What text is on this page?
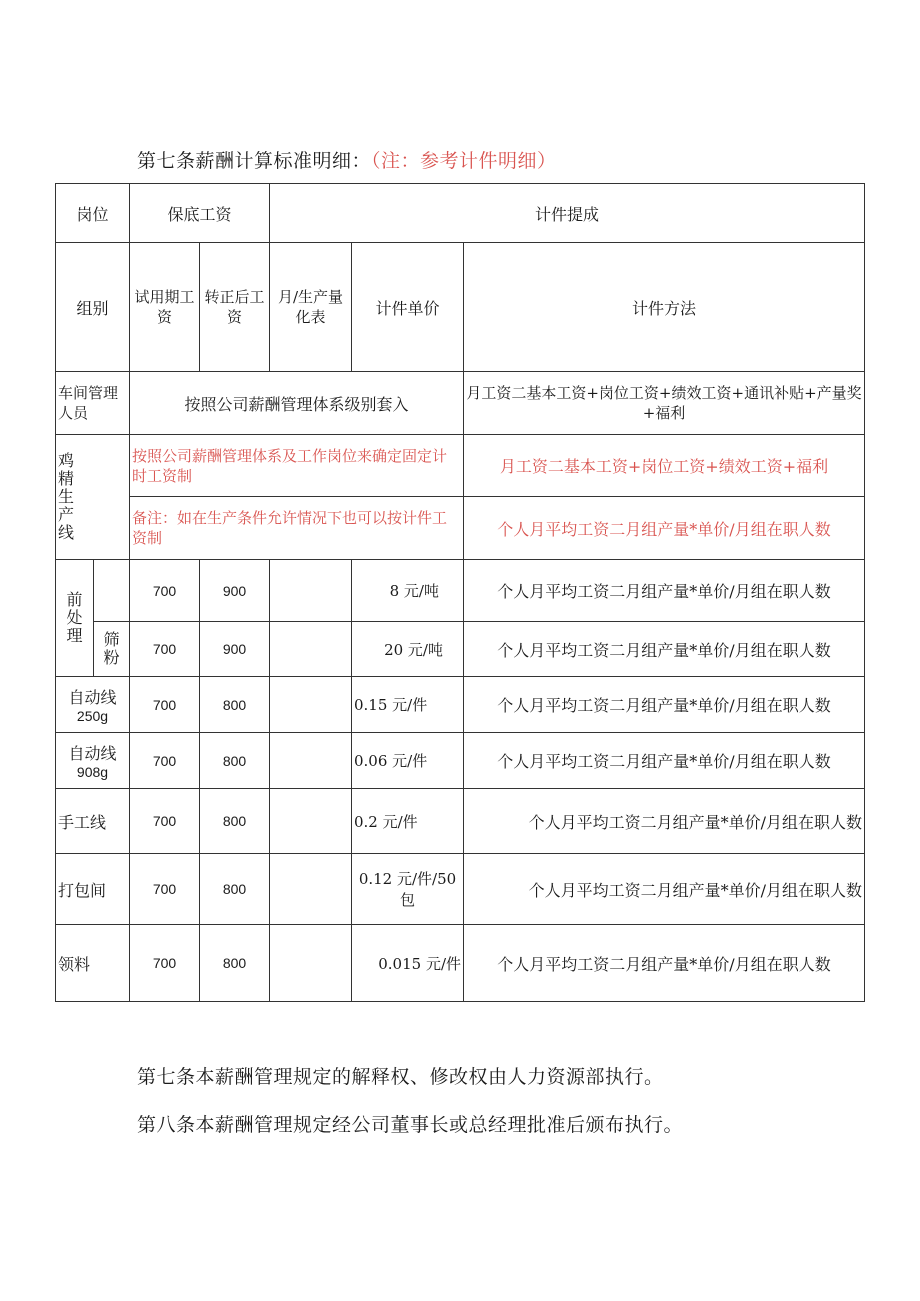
第七条薪酬计算标准明细：（注：参考计件明细）
岗位		保底工资		计件提成		
组别		试用期工资	转正后工资	月/生产量化表	计件单价	计件方法
车间管理人员		按照公司薪酬管理体系级别套入				月工资二基本工资+岗位工资+绩效工资+通讯补贴+产量奖+福利

鸡精生产线		按照公司薪酬管理体系及工作岗位来确定固定计时工资制				月工资二基本工资+岗位工资+绩效工资+福利
		备注：如在生产条件允许情况下也可以按计件工资制				个人月平均工资二月组产量*单价/月组在职人数

前处理		700	900		8 元/吨	个人月平均工资二月组产量*单价/月组在职人数

	筛粉	700	900		20 元/吨	个人月平均工资二月组产量*单价/月组在职人数

自动线
250g		700	800		0.15 元/件	个人月平均工资二月组产量*单价/月组在职人数

自动线
908g		700	800		0.06 元/件	个人月平均工资二月组产量*单价/月组在职人数
手工线		700	800		0.2 元/件	个人月平均工资二月组产量*单价/月组在职人数
打包间		700	800		0.12 元/件/50包	个人月平均工资二月组产量*单价/月组在职人数
领料		700	800		0.015 元/件	个人月平均工资二月组产量*单价/月组在职人数
第七条本薪酬管理规定的解释权、修改权由人力资源部执行。
第八条本薪酬管理规定经公司董事长或总经理批准后颁布执行。
